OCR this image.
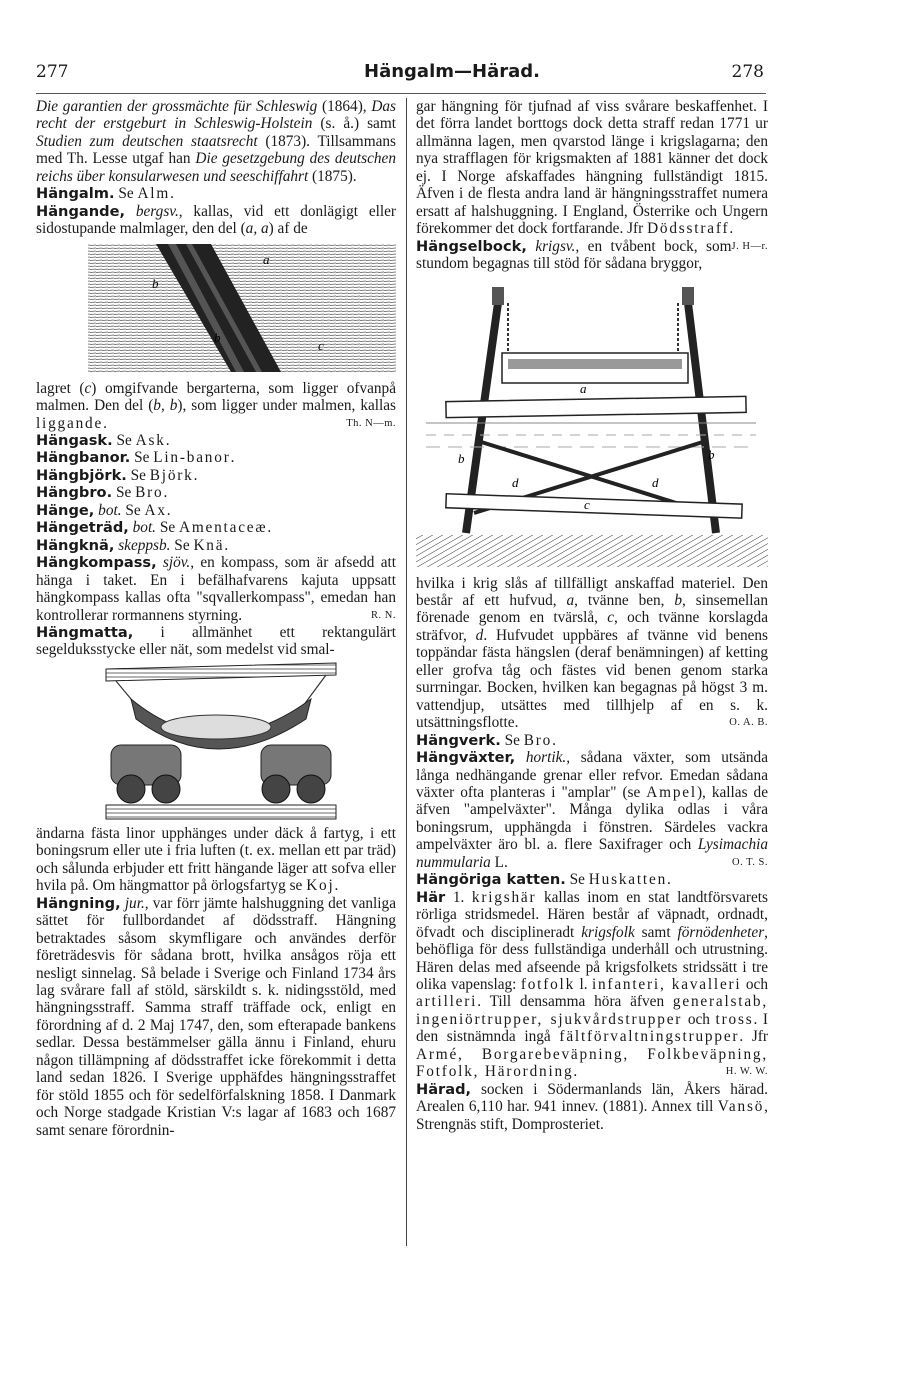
277	Hängalm—Härad.	278

Die garantien der grossmächte für Schleswig (1864), Das recht der erstgeburt in Schleswig-Holstein (s. å.) samt Studien zum deutschen staatsrecht (1873). Tillsammans med Th. Lesse utgaf han Die gesetzgebung des deutschen reichs über konsularwesen und seeschiffahrt (1875).

Hängalm. Se Alm.

Hängande, bergsv., kallas, vid ett donlägigt eller sidostupande malmlager, den del (a, a) af de

a
b
b
c

lagret (c) omgifvande bergarterna, som ligger ofvanpå malmen. Den del (b, b), som ligger under malmen, kallas liggande.	Th. N—m.

Hängask. Se Ask.

Hängbanor. Se Lin-banor.

Hängbjörk. Se Björk.

Hängbro. Se Bro.

Hänge, bot. Se Ax.

Hängeträd, bot. Se Amentaceæ.

Hängknä, skeppsb. Se Knä.

Hängkompass, sjöv., en kompass, som är afsedd att hänga i taket. En i befälhafvarens kajuta uppsatt hängkompass kallas ofta "sqvallerkompass", emedan han kontrollerar rormannens styrning.	R. N.

Hängmatta, i allmänhet ett rektangulärt segelduksstycke eller nät, som medelst vid smal-

ändarna fästa linor upphänges under däck å fartyg, i ett boningsrum eller ute i fria luften (t. ex. mellan ett par träd) och sålunda erbjuder ett fritt hängande läger att sofva eller hvila på. Om hängmattor på örlogsfartyg se Koj.

Hängning, jur., var förr jämte halshuggning det vanliga sättet för fullbordandet af dödsstraff. Hängning betraktades såsom skymfligare och användes derför företrädesvis för sådana brott, hvilka ansågos röja ett nesligt sinnelag. Så belade i Sverige och Finland 1734 års lag svårare fall af stöld, särskildt s. k. nidingsstöld, med hängningsstraff. Samma straff träffade ock, enligt en förordning af d. 2 Maj 1747, den, som efterapade bankens sedlar. Dessa bestämmelser gälla ännu i Finland, ehuru någon tillämpning af dödsstraffet icke förekommit i detta land sedan 1826. I Sverige upphäfdes hängningsstraffet för stöld 1855 och för sedelförfalskning 1858. I Danmark och Norge stadgade Kristian V:s lagar af 1683 och 1687 samt senare förordnin-

gar hängning för tjufnad af viss svårare beskaffenhet. I det förra landet borttogs dock detta straff redan 1771 ur allmänna lagen, men qvarstod länge i krigslagarna; den nya strafflagen för krigsmakten af 1881 känner det dock ej. I Norge afskaffades hängning fullständigt 1815. Äfven i de flesta andra land är hängningsstraffet numera ersatt af halshuggning. I England, Österrike och Ungern förekommer det dock fortfarande. Jfr Dödsstraff.
J. H—r.

Hängselbock, krigsv., en tvåbent bock, som stundom begagnas till stöd för sådana bryggor,

a
b	b
c
d	d

hvilka i krig slås af tillfälligt anskaffad materiel. Den består af ett hufvud, a, tvänne ben, b, sinsemellan förenade genom en tvärslå, c, och tvänne korslagda sträfvor, d. Hufvudet uppbäres af tvänne vid benens toppändar fästa hängslen (deraf benämningen) af ketting eller grofva tåg och fästes vid benen genom starka surrningar. Bocken, hvilken kan begagnas på högst 3 m. vattendjup, utsättes med tillhjelp af en s. k. utsättningsflotte.	O. A. B.

Hängverk. Se Bro.

Hängväxter, hortik., sådana växter, som utsända långa nedhängande grenar eller refvor. Emedan sådana växter ofta planteras i "amplar" (se Ampel), kallas de äfven "ampelväxter". Många dylika odlas i våra boningsrum, upphängda i fönstren. Särdeles vackra ampelväxter äro bl. a. flere Saxifrager och Lysimachia nummularia L.	O. T. S.

Hängöriga katten. Se Huskatten.

Här 1. krigshär kallas inom en stat landtförsvarets rörliga stridsmedel. Hären består af väpnadt, ordnadt, öfvadt och disciplineradt krigsfolk samt förnödenheter, behöfliga för dess fullständiga underhåll och utrustning. Hären delas med afseende på krigsfolkets stridssätt i tre olika vapenslag: fotfolk l. infanteri, kavalleri och artilleri. Till densamma höra äfven generalstab, ingeniörtrupper, sjukvårdstrupper och tross. I den sistnämnda ingå fältförvaltningstrupper. Jfr Armé, Borgarebeväpning, Folkbeväpning, Fotfolk, Härordning.	H. W. W.

Härad, socken i Södermanlands län, Åkers härad. Arealen 6,110 har. 941 innev. (1881). Annex till Vansö, Strengnäs stift, Domprosteriet.
